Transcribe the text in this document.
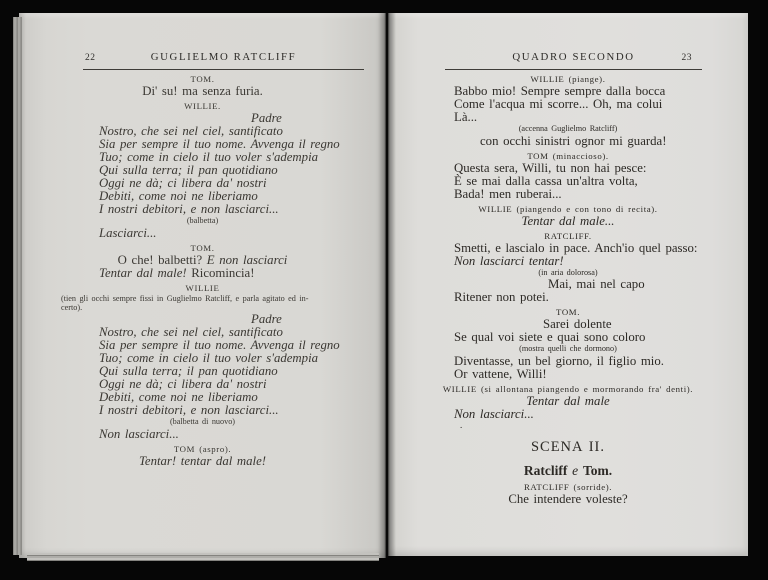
22	GUGLIELMO RATCLIFF
TOM.
Di' su! ma senza furia.
WILLIE.
Padre
Nostro, che sei nel ciel, santificato
Sia per sempre il tuo nome. Avvenga il regno
Tuo; come in cielo il tuo voler s'adempia
Qui sulla terra; il pan quotidiano
Oggi ne dà; ci libera da' nostri
Debiti, come noi ne liberiamo
I nostri debitori, e non lasciarci...
(balbetta)
Lasciarci...
TOM.
O che! balbetti? E non lasciarci
Tentar dal male! Ricomincia!
WILLIE
(tien gli occhi sempre fissi in Guglielmo Ratcliff, e parla agitato ed in-
certo).
Padre
Nostro, che sei nel ciel, santificato
Sia per sempre il tuo nome. Avvenga il regno
Tuo; come in cielo il tuo voler s'adempia
Qui sulla terra; il pan quotidiano
Oggi ne dà; ci libera da' nostri
Debiti, come noi ne liberiamo
I nostri debitori, e non lasciarci...
(balbetta di nuovo)
Non lasciarci...
TOM (aspro).
Tentar! tentar dal male!
QUADRO SECONDO	23
WILLIE (piange).
Babbo mio! Sempre sempre dalla bocca
Come l'acqua mi scorre... Oh, ma colui
Là...
(accenna Guglielmo Ratcliff)
con occhi sinistri ognor mi guarda!
TOM (minaccioso).
Questa sera, Willi, tu non hai pesce:
È se mai dalla cassa un'altra volta,
Bada! men ruberai...
WILLIE (piangendo e con tono di recita).
Tentar dal male...
RATCLIFF.
Smetti, e lascialo in pace. Anch'io quel passo:
Non lasciarci tentar!
(in aria dolorosa)
Mai, mai nel capo
Ritener non potei.
TOM.
Sarei dolente
Se qual voi siete e quai sono coloro
(mostra quelli che dormono)
Diventasse, un bel giorno, il figlio mio.
Or vattene, Willi!
WILLIE (si allontana piangendo e mormorando fra' denti).
Tentar dal male
Non lasciarci...
.
SCENA II.
Ratcliff e Tom.
RATCLIFF (sorride).
Che intendere voleste?
